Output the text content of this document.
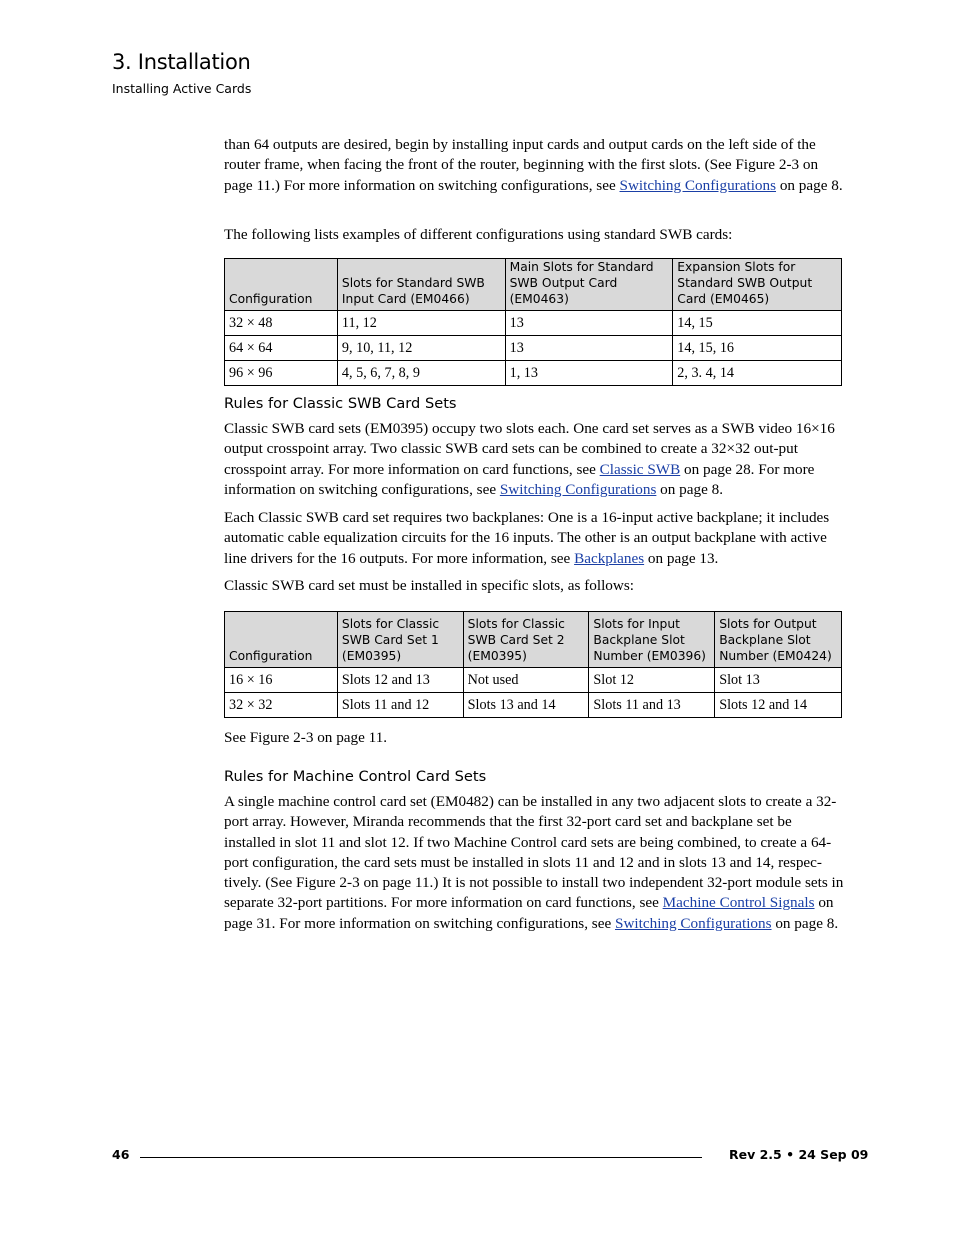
3. Installation
Installing Active Cards

than 64 outputs are desired, begin by installing input cards and output cards on the left side of the router frame, when facing the front of the router, beginning with the first slots. (See Figure 2-3 on page 11.) For more information on switching configurations, see Switching Configurations on page 8.

The following lists examples of different configurations using standard SWB cards:

Configuration	Slots for Standard SWB Input Card (EM0466)	Main Slots for Standard SWB Output Card (EM0463)	Expansion Slots for Standard SWB Output Card (EM0465)
32 × 48	11, 12	13	14, 15
64 × 64	9, 10, 11, 12	13	14, 15, 16
96 × 96	4, 5, 6, 7, 8, 9	1, 13	2, 3. 4, 14
Rules for Classic SWB Card Sets

Classic SWB card sets (EM0395) occupy two slots each. One card set serves as a SWB video 16×16 output crosspoint array. Two classic SWB card sets can be combined to create a 32×32 out-put crosspoint array. For more information on card functions, see Classic SWB on page 28. For more information on switching configurations, see Switching Configurations on page 8.

Each Classic SWB card set requires two backplanes: One is a 16-input active backplane; it includes automatic cable equalization circuits for the 16 inputs. The other is an output backplane with active line drivers for the 16 outputs. For more information, see Backplanes on page 13.

Classic SWB card set must be installed in specific slots, as follows:

Configuration	Slots for Classic SWB Card Set 1 (EM0395)	Slots for Classic SWB Card Set 2 (EM0395)	Slots for Input Backplane Slot Number (EM0396)	Slots for Output Backplane Slot Number (EM0424)
16 × 16	Slots 12 and 13	Not used	Slot 12	Slot 13
32 × 32	Slots 11 and 12	Slots 13 and 14	Slots 11 and 13	Slots 12 and 14

See Figure 2-3 on page 11.

Rules for Machine Control Card Sets

A single machine control card set (EM0482) can be installed in any two adjacent slots to create a 32-port array. However, Miranda recommends that the first 32-port card set and backplane set be installed in slot 11 and slot 12. If two Machine Control card sets are being combined, to create a 64-port configuration, the card sets must be installed in slots 11 and 12 and in slots 13 and 14, respec-tively. (See Figure 2-3 on page 11.) It is not possible to install two independent 32-port module sets in separate 32-port partitions. For more information on card functions, see Machine Control Signals on page 31. For more information on switching configurations, see Switching Configurations on page 8.

46	Rev 2.5 • 24 Sep 09
